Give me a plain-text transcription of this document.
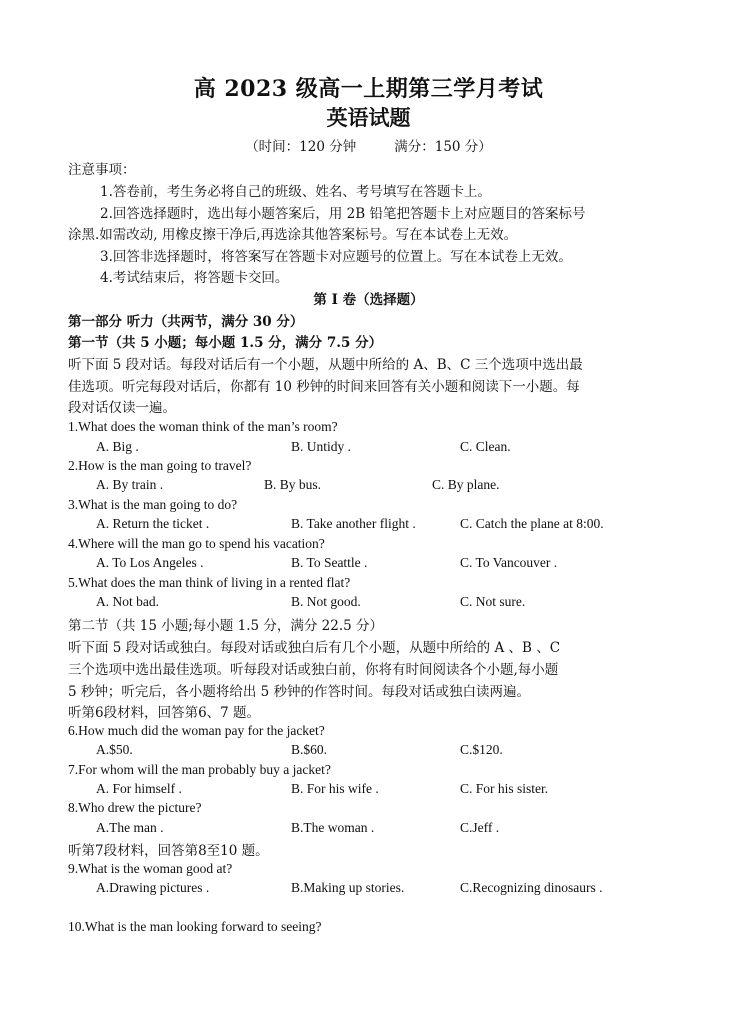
高 2023 级高一上期第三学月考试
英语试题
（时间：120 分钟	满分：150 分）
注意事项：
1.答卷前，考生务必将自己的班级、姓名、考号填写在答题卡上。
2.回答选择题时，选出每小题答案后，用 2B 铅笔把答题卡上对应题目的答案标号
涂黑.如需改动, 用橡皮擦干净后,再选涂其他答案标号。写在本试卷上无效。
3.回答非选择题时，将答案写在答题卡对应题号的位置上。写在本试卷上无效。
4.考试结束后，将答题卡交回。
第 I 卷（选择题）
第一部分 听力（共两节，满分 30 分）
第一节（共 5 小题；每小题 1.5 分，满分 7.5 分）
听下面 5 段对话。每段对话后有一个小题，从题中所给的 A、B、C 三个选项中选出最
佳选项。听完每段对话后，你都有 10 秒钟的时间来回答有关小题和阅读下一小题。每
段对话仅读一遍。
1.What does the woman think of the man’s room?
A. Big .	B. Untidy .	C. Clean.
2.How is the man going to travel?
A. By train .	B. By bus.	C. By plane.
3.What is the man going to do?
A. Return the ticket .	B. Take another flight .	C. Catch the plane at 8:00.
4.Where will the man go to spend his vacation?
A. To Los Angeles .	B. To Seattle .	C. To Vancouver .
5.What does the man think of living in a rented flat?
A. Not bad.	B. Not good.	C. Not sure.
第二节（共 15 小题;每小题 1.5 分，满分 22.5 分）
听下面 5 段对话或独白。每段对话或独白后有几个小题，从题中所给的 A 、B 、C
三个选项中选出最佳选项。听每段对话或独白前，你将有时间阅读各个小题,每小题
5 秒钟；听完后，各小题将给出 5 秒钟的作答时间。每段对话或独白读两遍。
听第6段材料，回答第6、7 题。
6.How much did the woman pay for the jacket?
A.$50.	B.$60.	C.$120.
7.For whom will the man probably buy a jacket?
A. For himself .	B. For his wife .	C. For his sister.
8.Who drew the picture?
A.The man .	B.The woman .	C.Jeff .
听第7段材料，回答第8至10 题。
9.What is the woman good at?
A.Drawing pictures .	B.Making up stories.	C.Recognizing dinosaurs .
10.What is the man looking forward to seeing?
